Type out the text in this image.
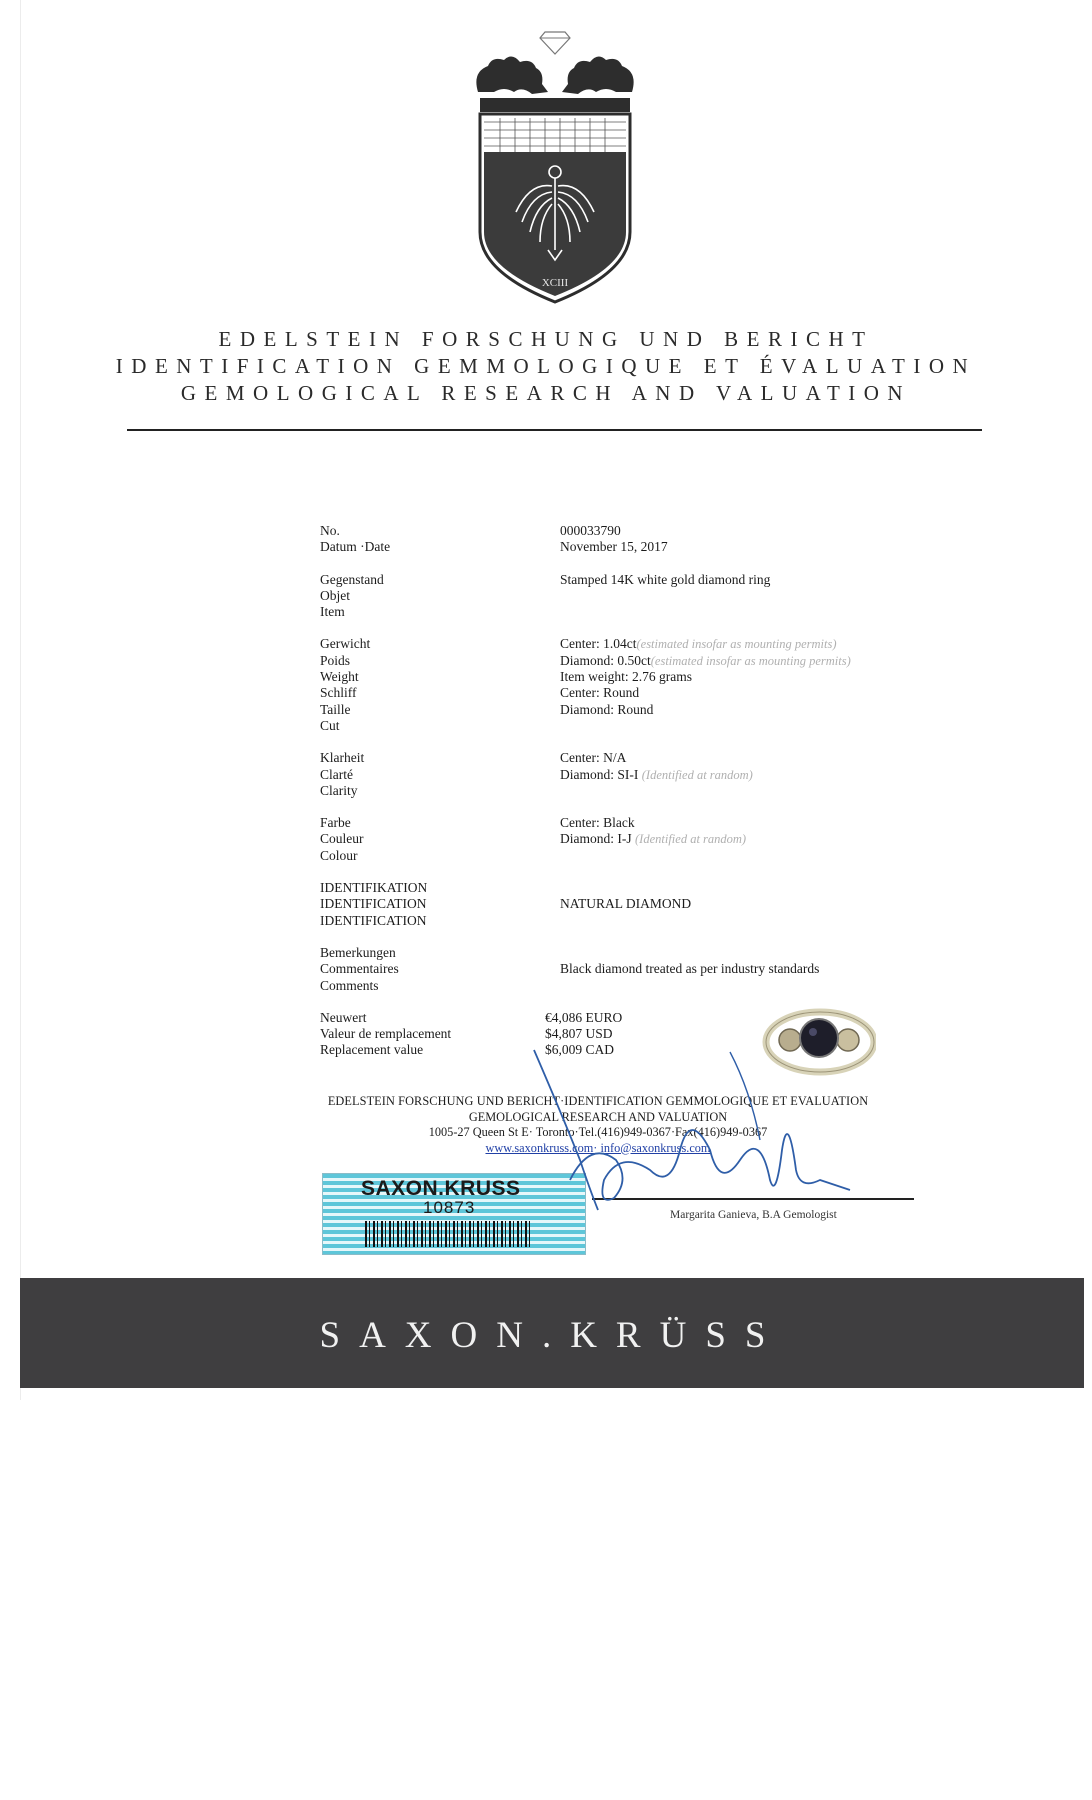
XCIII
EDELSTEIN FORSCHUNG UND BERICHT
IDENTIFICATION GEMMOLOGIQUE ET ÉVALUATION
GEMOLOGICAL RESEARCH AND VALUATION
No.
Datum ·Date
000033790
November 15, 2017
Gegenstand
Objet
Item
Stamped 14K white gold diamond ring
Gerwicht
Poids
Weight
Center: 1.04ct(estimated insofar as mounting permits)
Diamond: 0.50ct(estimated insofar as mounting permits)
Item weight: 2.76 grams
Schliff
Taille
Cut
Center: Round
Diamond: Round
Klarheit
Clarté
Clarity
Center: N/A
Diamond: SI-I (Identified at random)
Farbe
Couleur
Colour
Center: Black
Diamond: I-J (Identified at random)
IDENTIFIKATION
IDENTIFICATION
IDENTIFICATION
NATURAL DIAMOND
Bemerkungen
Commentaires
Comments
Black diamond treated as per industry standards
Neuwert
Valeur de remplacement
Replacement value
€4,086 EURO
$4,807 USD
$6,009 CAD
EDELSTEIN FORSCHUNG UND BERICHT·IDENTIFICATION GEMMOLOGIQUE ET EVALUATION
GEMOLOGICAL RESEARCH AND VALUATION
1005-27 Queen St E· Toronto·Tel.(416)949-0367·Fax(416)949-0367
www.saxonkruss.com· info@saxonkruss.com
SAXON.KRUSS
10873	Margarita Ganieva, B.A Gemologist
SAXON.KRÜSS
